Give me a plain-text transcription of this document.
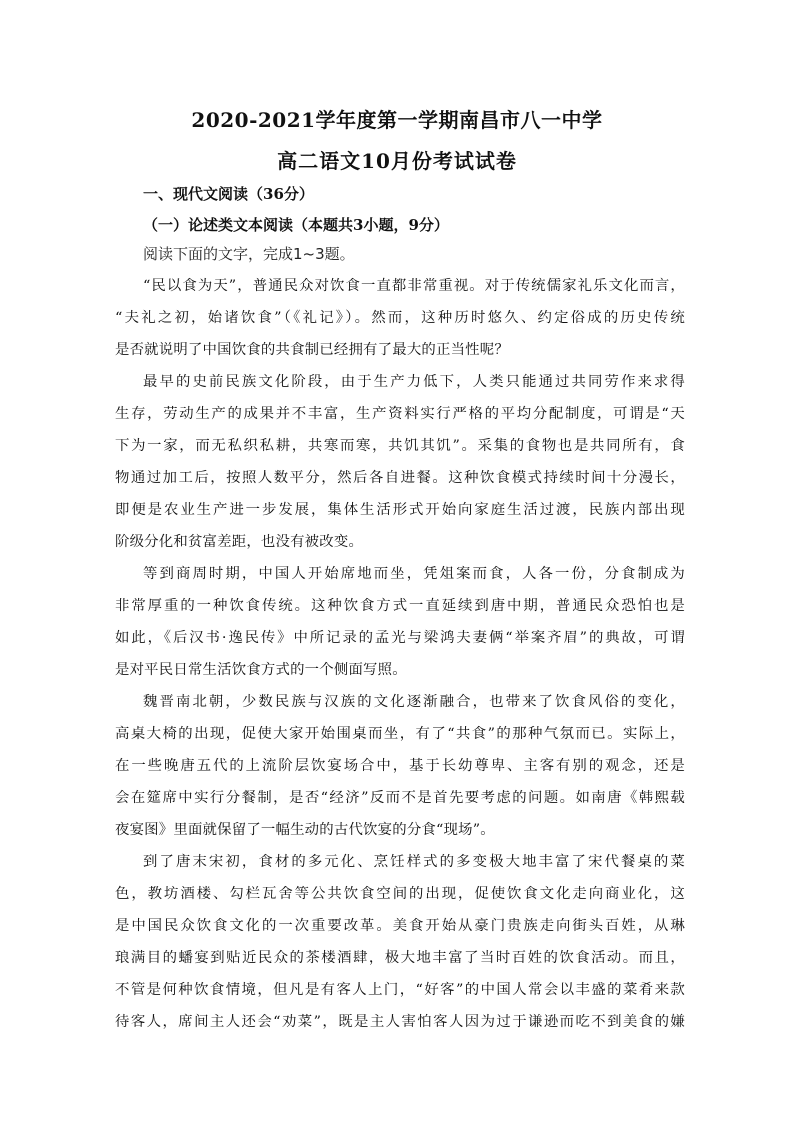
2020-2021学年度第一学期南昌市八一中学
高二语文10月份考试试卷
一、现代文阅读（36分）
（一）论述类文本阅读（本题共3小题，9分）
阅读下面的文字，完成1~3题。
“民以食为天”，普通民众对饮食一直都非常重视。对于传统儒家礼乐文化而言，
“夫礼之初，始诸饮食”（《礼记》）。然而，这种历时悠久、约定俗成的历史传统
是否就说明了中国饮食的共食制已经拥有了最大的正当性呢？
最早的史前民族文化阶段，由于生产力低下，人类只能通过共同劳作来求得
生存，劳动生产的成果并不丰富，生产资料实行严格的平均分配制度，可谓是“天
下为一家，而无私织私耕，共寒而寒，共饥其饥”。采集的食物也是共同所有，食
物通过加工后，按照人数平分，然后各自进餐。这种饮食模式持续时间十分漫长，
即便是农业生产进一步发展，集体生活形式开始向家庭生活过渡，民族内部出现
阶级分化和贫富差距，也没有被改变。
等到商周时期，中国人开始席地而坐，凭俎案而食，人各一份，分食制成为
非常厚重的一种饮食传统。这种饮食方式一直延续到唐中期，普通民众恐怕也是
如此，《后汉书·逸民传》中所记录的孟光与梁鸿夫妻俩“举案齐眉”的典故，可谓
是对平民日常生活饮食方式的一个侧面写照。
魏晋南北朝，少数民族与汉族的文化逐渐融合，也带来了饮食风俗的变化，
高桌大椅的出现，促使大家开始围桌而坐，有了“共食”的那种气氛而已。实际上，
在一些晚唐五代的上流阶层饮宴场合中，基于长幼尊卑、主客有别的观念，还是
会在筵席中实行分餐制，是否“经济”反而不是首先要考虑的问题。如南唐《韩熙载
夜宴图》里面就保留了一幅生动的古代饮宴的分食“现场”。
到了唐末宋初，食材的多元化、烹饪样式的多变极大地丰富了宋代餐桌的菜
色，教坊酒楼、勾栏瓦舍等公共饮食空间的出现，促使饮食文化走向商业化，这
是中国民众饮食文化的一次重要改革。美食开始从豪门贵族走向街头百姓，从琳
琅满目的蟠宴到贴近民众的茶楼酒肆，极大地丰富了当时百姓的饮食活动。而且，
不管是何种饮食情境，但凡是有客人上门，“好客”的中国人常会以丰盛的菜肴来款
待客人，席间主人还会“劝菜”，既是主人害怕客人因为过于谦逊而吃不到美食的嫌
